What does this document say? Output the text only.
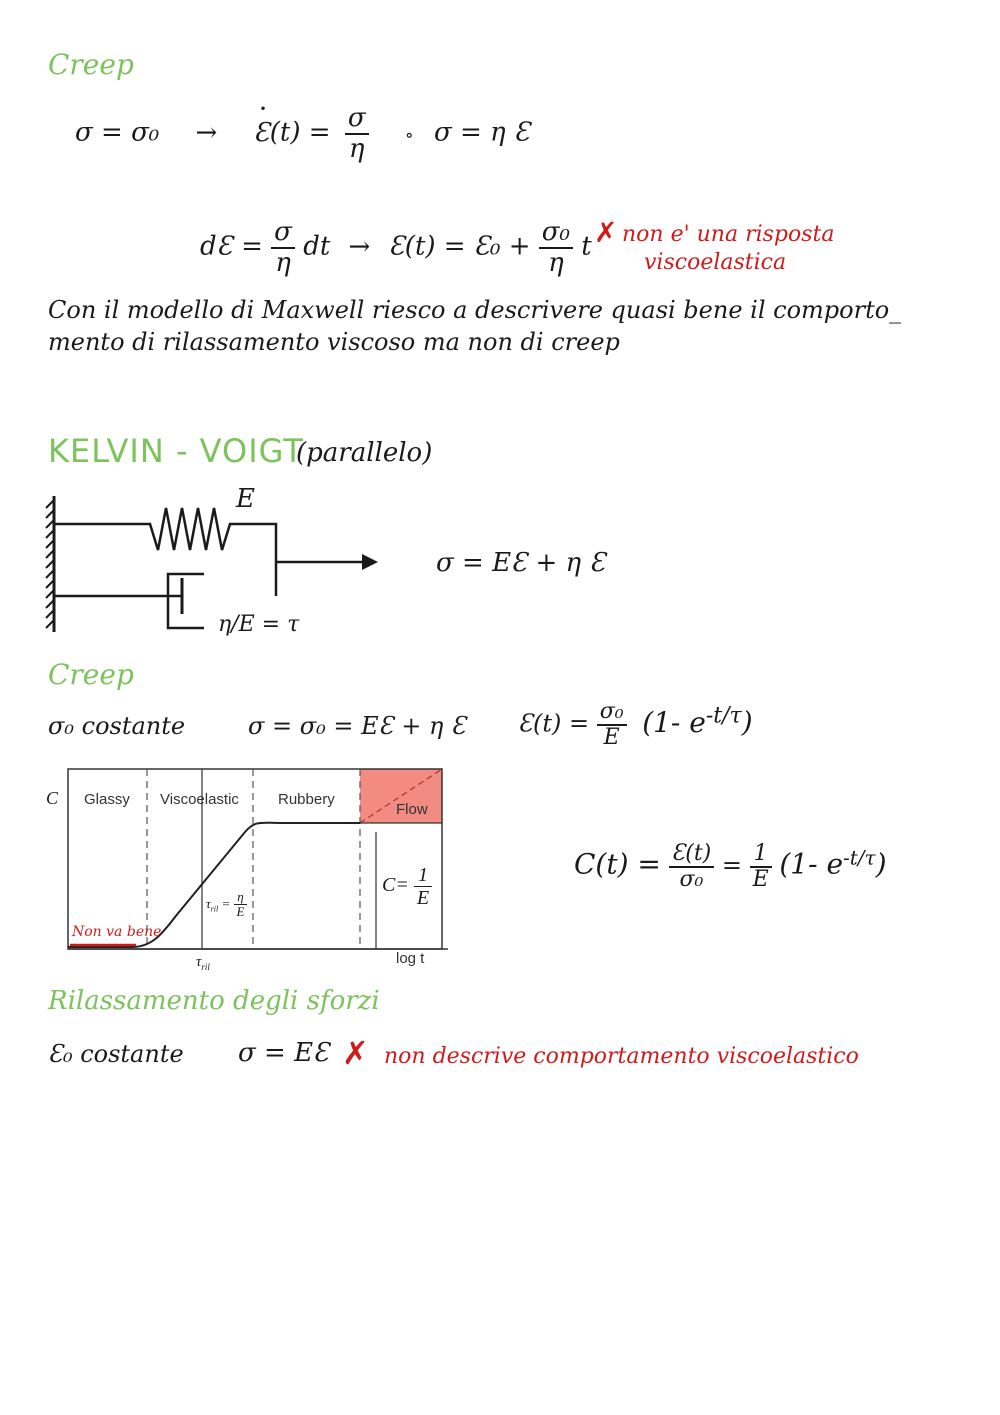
Creep
σ = σ₀ → • Ɛ(t) = $\frac{\sigma}{\eta}$ ∘ σ = η Ɛ
dƐ = $\frac{\sigma}{\eta}$ dt → Ɛ(t) = Ɛ₀ + $\frac{\text{σ₀}}{\eta}$ t ✗ non e' una risposta
viscoelastica
Con il modello di Maxwell riesco a descrivere quasi bene il comporto_
mento di rilassamento viscoso ma non di creep
KELVIN - VOIGT
(parallelo)
E
η/E = τ
σ = EƐ + η Ɛ
Creep
σ₀ costante	σ = σ₀ = EƐ + η Ɛ Ɛ(t) = $\frac{\text{σ₀}}{E} (1-$ $e^{-t/\tau}$)
C Glassy Viscoelastic	Rubbery
Flow
log t
$\tau_{ril}$
$\tau_{ril} = \frac{\eta}{E}$
$C= \frac{1}{E}$
Non va bene
$C(t) = \frac{Ɛ(t)}{\text{σ₀}} = \frac{1}{E} (1-$ $e^{-t/\tau}$)
Rilassamento degli sforzi
Ɛ₀ costante σ = EƐ ✗ non descrive comportamento viscoelastico
